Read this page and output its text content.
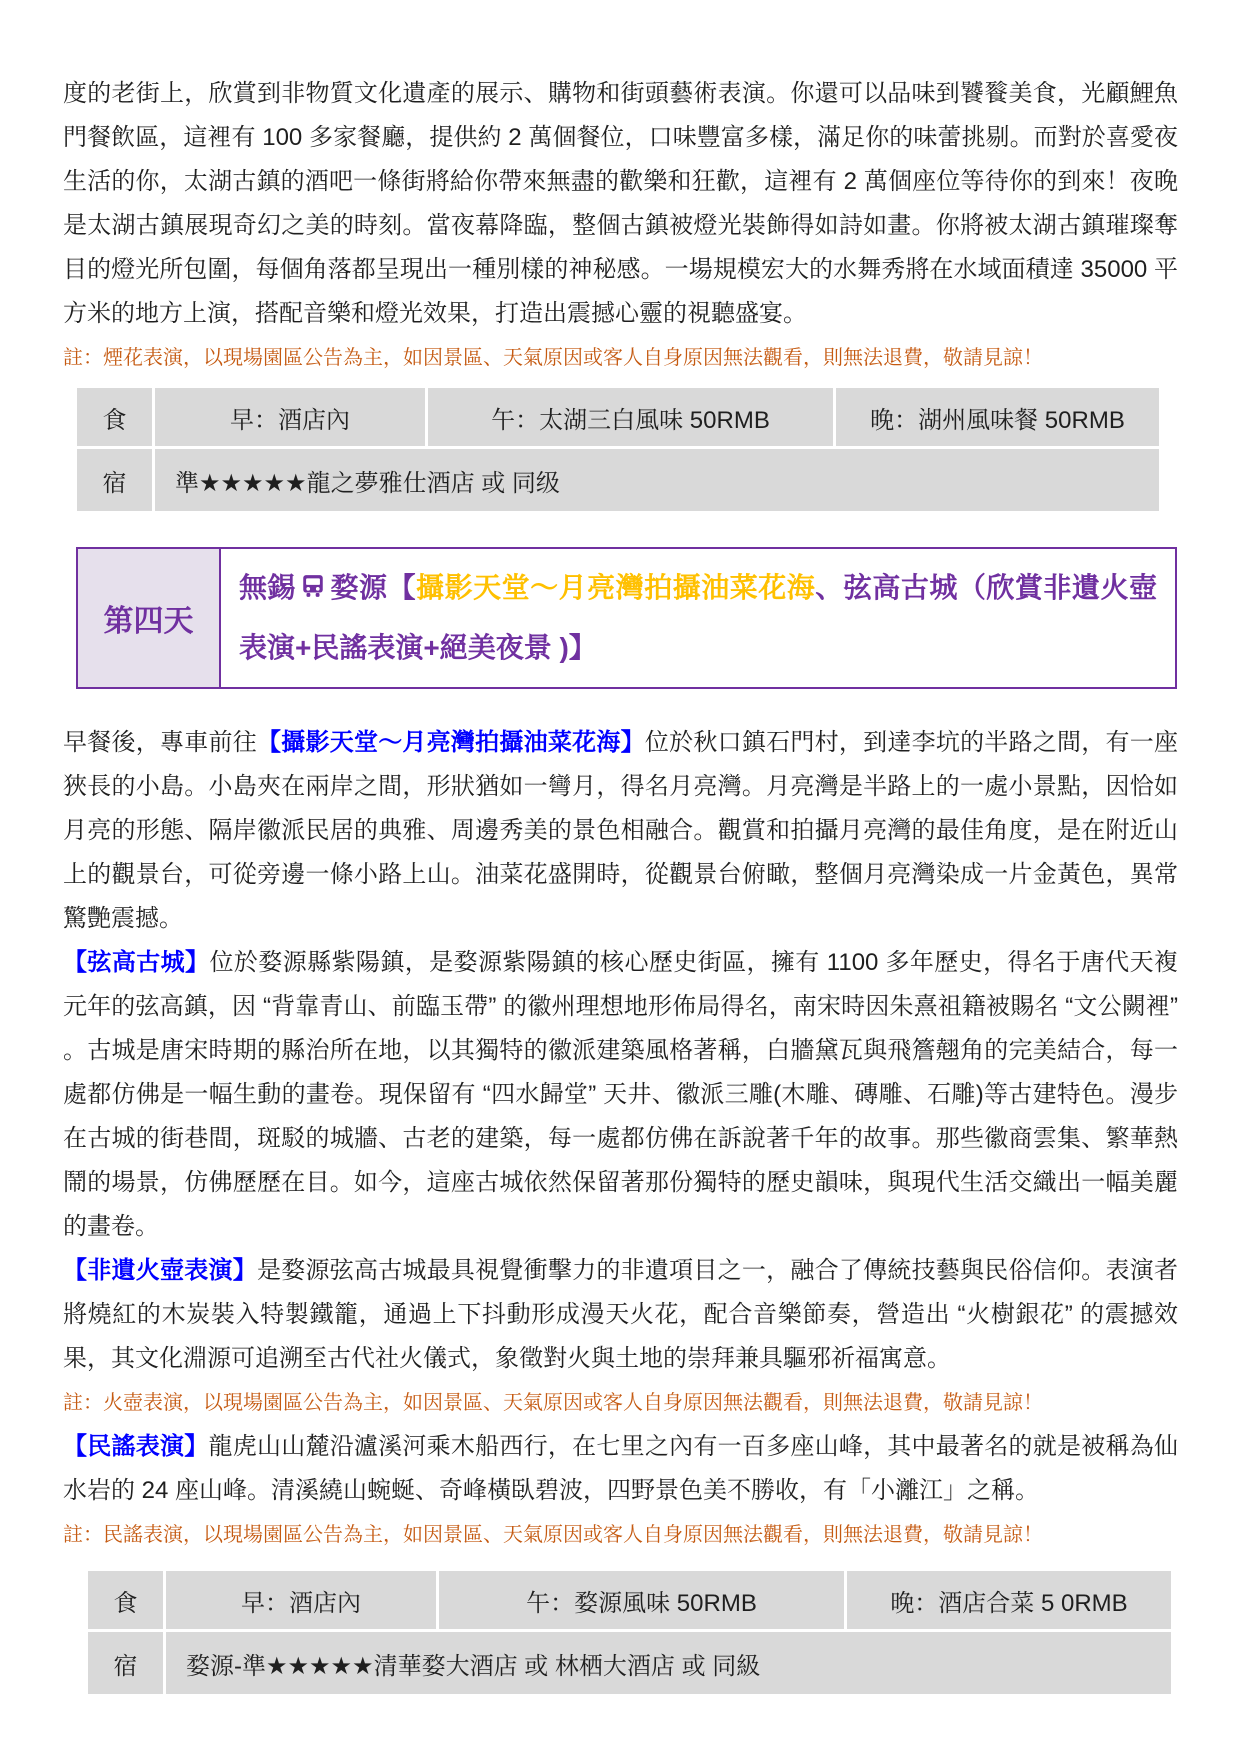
度的老街上，欣賞到非物質文化遺產的展示、購物和街頭藝術表演。你還可以品味到饕餮美食，光顧鯉魚門餐飲區，這裡有 100 多家餐廳，提供約 2 萬個餐位，口味豐富多樣，滿足你的味蕾挑剔。而對於喜愛夜生活的你，太湖古鎮的酒吧一條街將給你帶來無盡的歡樂和狂歡，這裡有 2 萬個座位等待你的到來！夜晚是太湖古鎮展現奇幻之美的時刻。當夜幕降臨，整個古鎮被燈光裝飾得如詩如畫。你將被太湖古鎮璀璨奪目的燈光所包圍，每個角落都呈現出一種別樣的神秘感。一場規模宏大的水舞秀將在水域面積達 35000 平方米的地方上演，搭配音樂和燈光效果，打造出震撼心靈的視聽盛宴。

註：煙花表演，以現場園區公告為主，如因景區、天氣原因或客人自身原因無法觀看，則無法退費，敬請見諒！

食	早：酒店內	午：太湖三白風味 50RMB	晚：湖州風味餐 50RMB
宿	準★★★★★龍之夢雅仕酒店 或 同级
第四天
無錫 婺源【攝影天堂～月亮灣拍攝油菜花海、弦高古城（欣賞非遺火壺表演+民謠表演+絕美夜景 )】

早餐後，專車前往【攝影天堂～月亮灣拍攝油菜花海】位於秋口鎮石門村，到達李坑的半路之間，有一座狹長的小島。小島夾在兩岸之間，形狀猶如一彎月，得名月亮灣。月亮灣是半路上的一處小景點，因恰如月亮的形態、隔岸徽派民居的典雅、周邊秀美的景色相融合。觀賞和拍攝月亮灣的最佳角度，是在附近山上的觀景台，可從旁邊一條小路上山。油菜花盛開時，從觀景台俯瞰，整個月亮灣染成一片金黃色，異常驚艷震撼。

【弦高古城】位於婺源縣紫陽鎮，是婺源紫陽鎮的核心歷史街區，擁有 1100 多年歷史，得名于唐代天複元年的弦高鎮，因 “背靠青山、前臨玉帶” 的徽州理想地形佈局得名，南宋時因朱熹祖籍被賜名 “文公闕裡” 。古城是唐宋時期的縣治所在地，以其獨特的徽派建築風格著稱，白牆黛瓦與飛簷翹角的完美結合，每一處都仿佛是一幅生動的畫卷。現保留有 “四水歸堂” 天井、徽派三雕(木雕、磚雕、石雕)等古建特色。漫步在古城的街巷間，斑駁的城牆、古老的建築，每一處都仿佛在訴說著千年的故事。那些徽商雲集、繁華熱鬧的場景，仿佛歷歷在目。如今，這座古城依然保留著那份獨特的歷史韻味，與現代生活交織出一幅美麗的畫卷。

【非遺火壺表演】是婺源弦高古城最具視覺衝擊力的非遺項目之一，融合了傳統技藝與民俗信仰。表演者將燒紅的木炭裝入特製鐵籠，通過上下抖動形成漫天火花，配合音樂節奏，營造出 “火樹銀花” 的震撼效果，其文化淵源可追溯至古代社火儀式，象徵對火與土地的崇拜兼具驅邪祈福寓意。

註：火壺表演，以現場園區公告為主，如因景區、天氣原因或客人自身原因無法觀看，則無法退費，敬請見諒！

【民謠表演】龍虎山山麓沿瀘溪河乘木船西行，在七里之內有一百多座山峰，其中最著名的就是被稱為仙水岩的 24 座山峰。清溪繞山蜿蜒、奇峰橫臥碧波，四野景色美不勝收，有「小灕江」之稱。

註：民謠表演，以現場園區公告為主，如因景區、天氣原因或客人自身原因無法觀看，則無法退費，敬請見諒！

食	早：酒店內	午：婺源風味 50RMB	晚：酒店合菜 5 0RMB
宿	婺源-準★★★★★清華婺大酒店 或 林栖大酒店 或 同級
